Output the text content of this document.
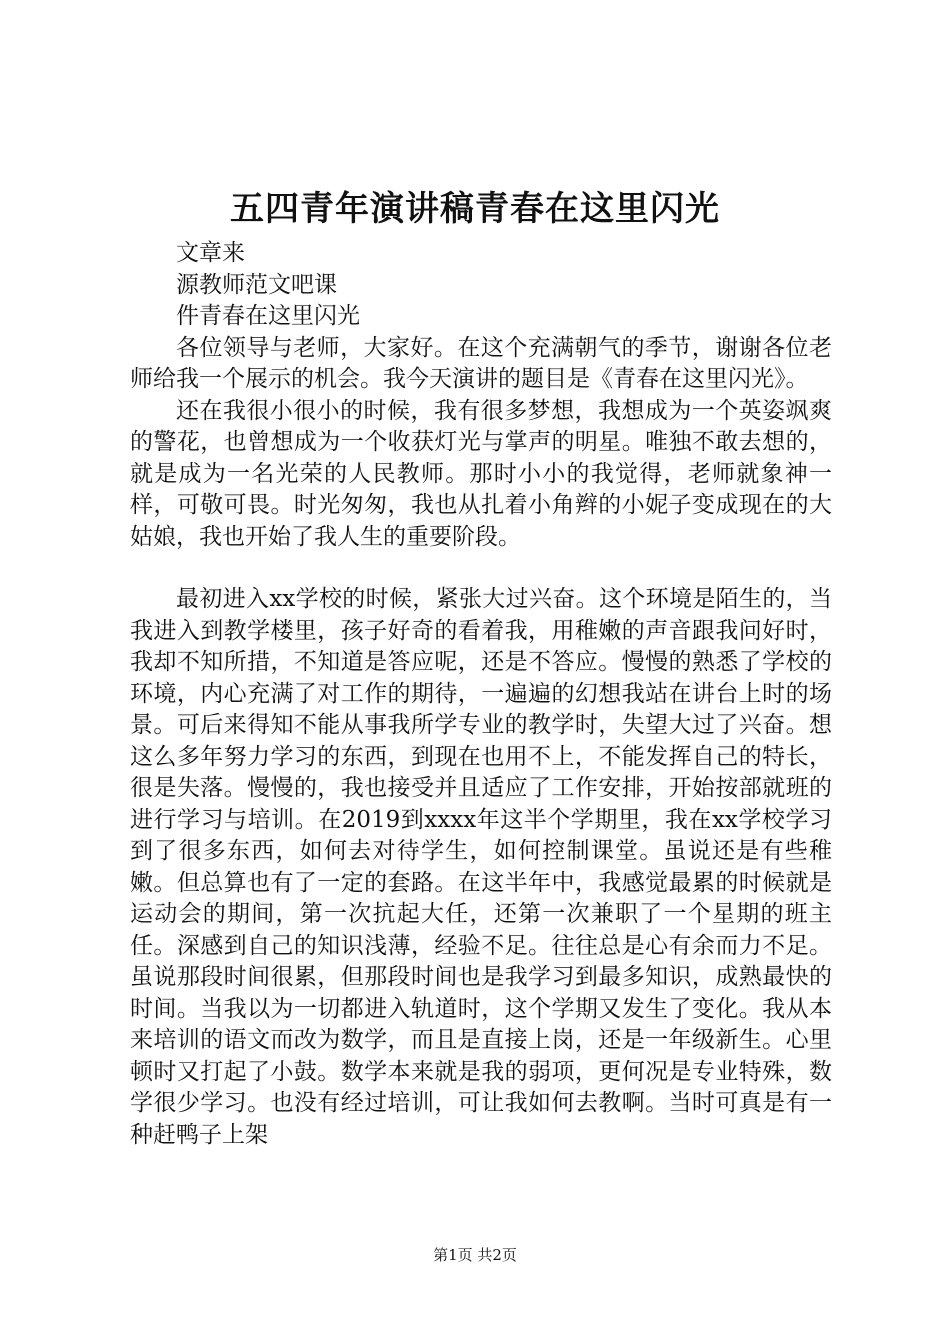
五四青年演讲稿青春在这里闪光

文章来

源教师范文吧课

件青春在这里闪光

各位领导与老师，大家好。在这个充满朝气的季节，谢谢各位老师给我一个展示的机会。我今天演讲的题目是《青春在这里闪光》。

还在我很小很小的时候，我有很多梦想，我想成为一个英姿飒爽的警花，也曾想成为一个收获灯光与掌声的明星。唯独不敢去想的，就是成为一名光荣的人民教师。那时小小的我觉得，老师就象神一样，可敬可畏。时光匆匆，我也从扎着小角辫的小妮子变成现在的大姑娘，我也开始了我人生的重要阶段。

最初进入xx学校的时候，紧张大过兴奋。这个环境是陌生的，当我进入到教学楼里，孩子好奇的看着我，用稚嫩的声音跟我问好时，我却不知所措，不知道是答应呢，还是不答应。慢慢的熟悉了学校的环境，内心充满了对工作的期待，一遍遍的幻想我站在讲台上时的场景。可后来得知不能从事我所学专业的教学时，失望大过了兴奋。想这么多年努力学习的东西，到现在也用不上，不能发挥自己的特长，很是失落。慢慢的，我也接受并且适应了工作安排，开始按部就班的进行学习与培训。在2019到xxxx年这半个学期里，我在xx学校学习到了很多东西，如何去对待学生，如何控制课堂。虽说还是有些稚嫩。但总算也有了一定的套路。在这半年中，我感觉最累的时候就是运动会的期间，第一次抗起大任，还第一次兼职了一个星期的班主任。深感到自己的知识浅薄，经验不足。往往总是心有余而力不足。虽说那段时间很累，但那段时间也是我学习到最多知识，成熟最快的时间。当我以为一切都进入轨道时，这个学期又发生了变化。我从本来培训的语文而改为数学，而且是直接上岗，还是一年级新生。心里顿时又打起了小鼓。数学本来就是我的弱项，更何况是专业特殊，数学很少学习。也没有经过培训，可让我如何去教啊。当时可真是有一种赶鸭子上架

第1页 共2页
